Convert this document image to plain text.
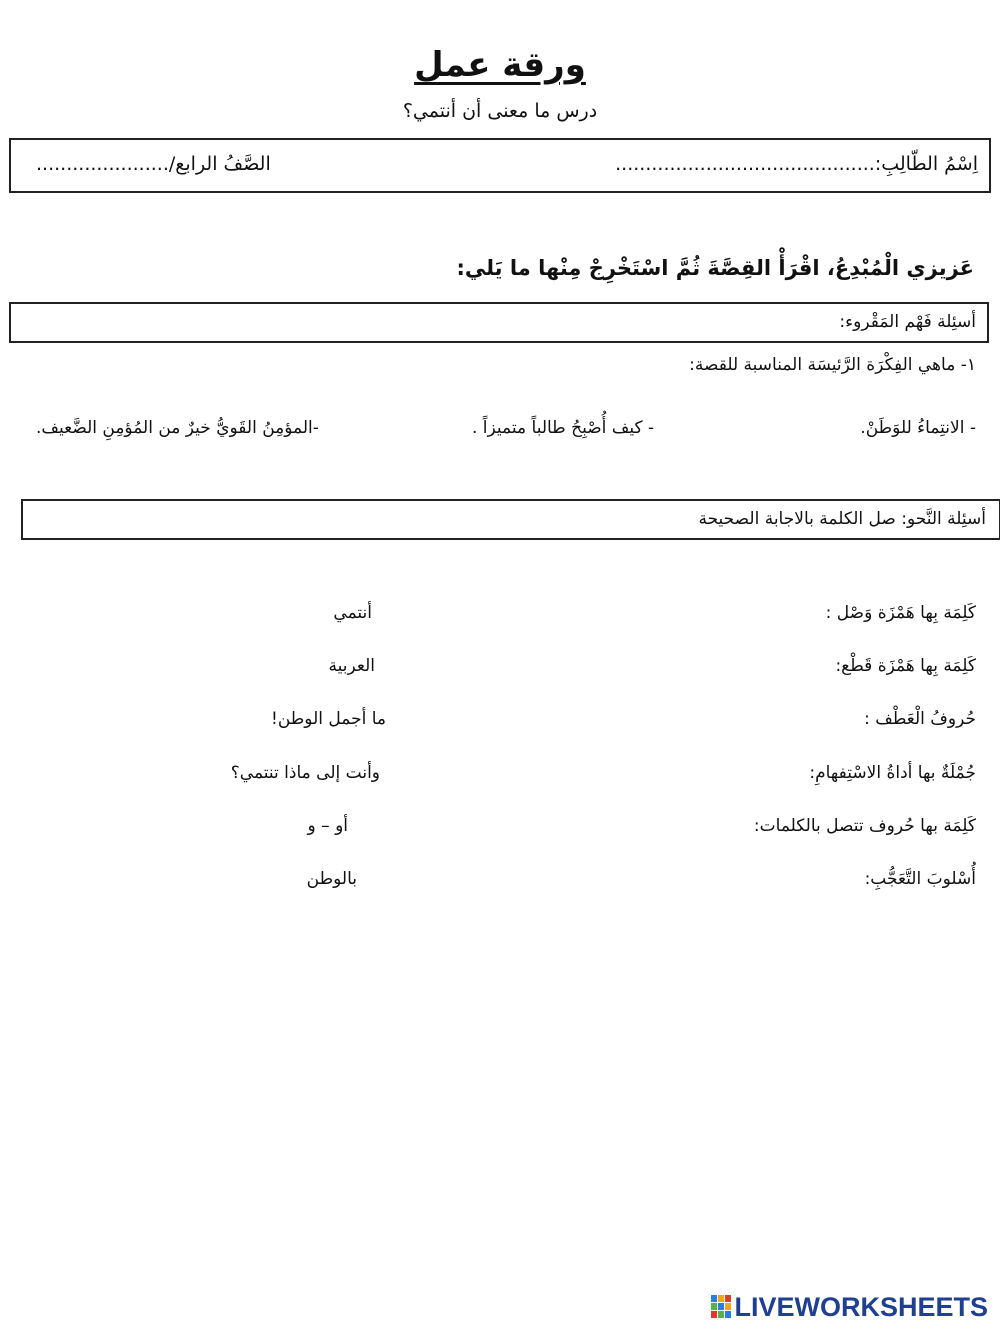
ورقة عمل
درس ما معنى أن أنتمي؟
اِسْمُ الطّالِبِ:...........................................
الصَّفُ الرابع/......................
عَزيزي الْمُبْدِعُ، اقْرَأْ القِصَّةَ ثُمَّ اسْتَخْرِجْ مِنْها ما يَلي:
أسئِلة فَهْم المَقْروء:
١- ماهي الفِكْرَة الرَّئيسَة المناسبة للقصة:
- الانتِماءُ للوَطَنْ.
- كيف أُصْبِحُ طالباً متميزاً .
-المؤمِنُ القَويُّ خيرٌ من المُؤمِنِ الضَّعيف.
أسئِلة النَّحو: صل الكلمة بالاجابة الصحيحة
كَلِمَة بِها هَمْزَة وَصْل :
كَلِمَة بِها هَمْزَة قَطْع:
حُروفُ الْعَطْف :
جُمْلَةٌ بها أداةُ الاسْتِفهامِ:
كَلِمَة بها حُروف تتصل بالكلمات:
أُسْلوبَ التَّعَجُّبِ:
أنتمي
العربية
ما أجمل الوطن!
وأنت إلى ماذا تنتمي؟
أو – و
بالوطن
LIVEWORKSHEETS
